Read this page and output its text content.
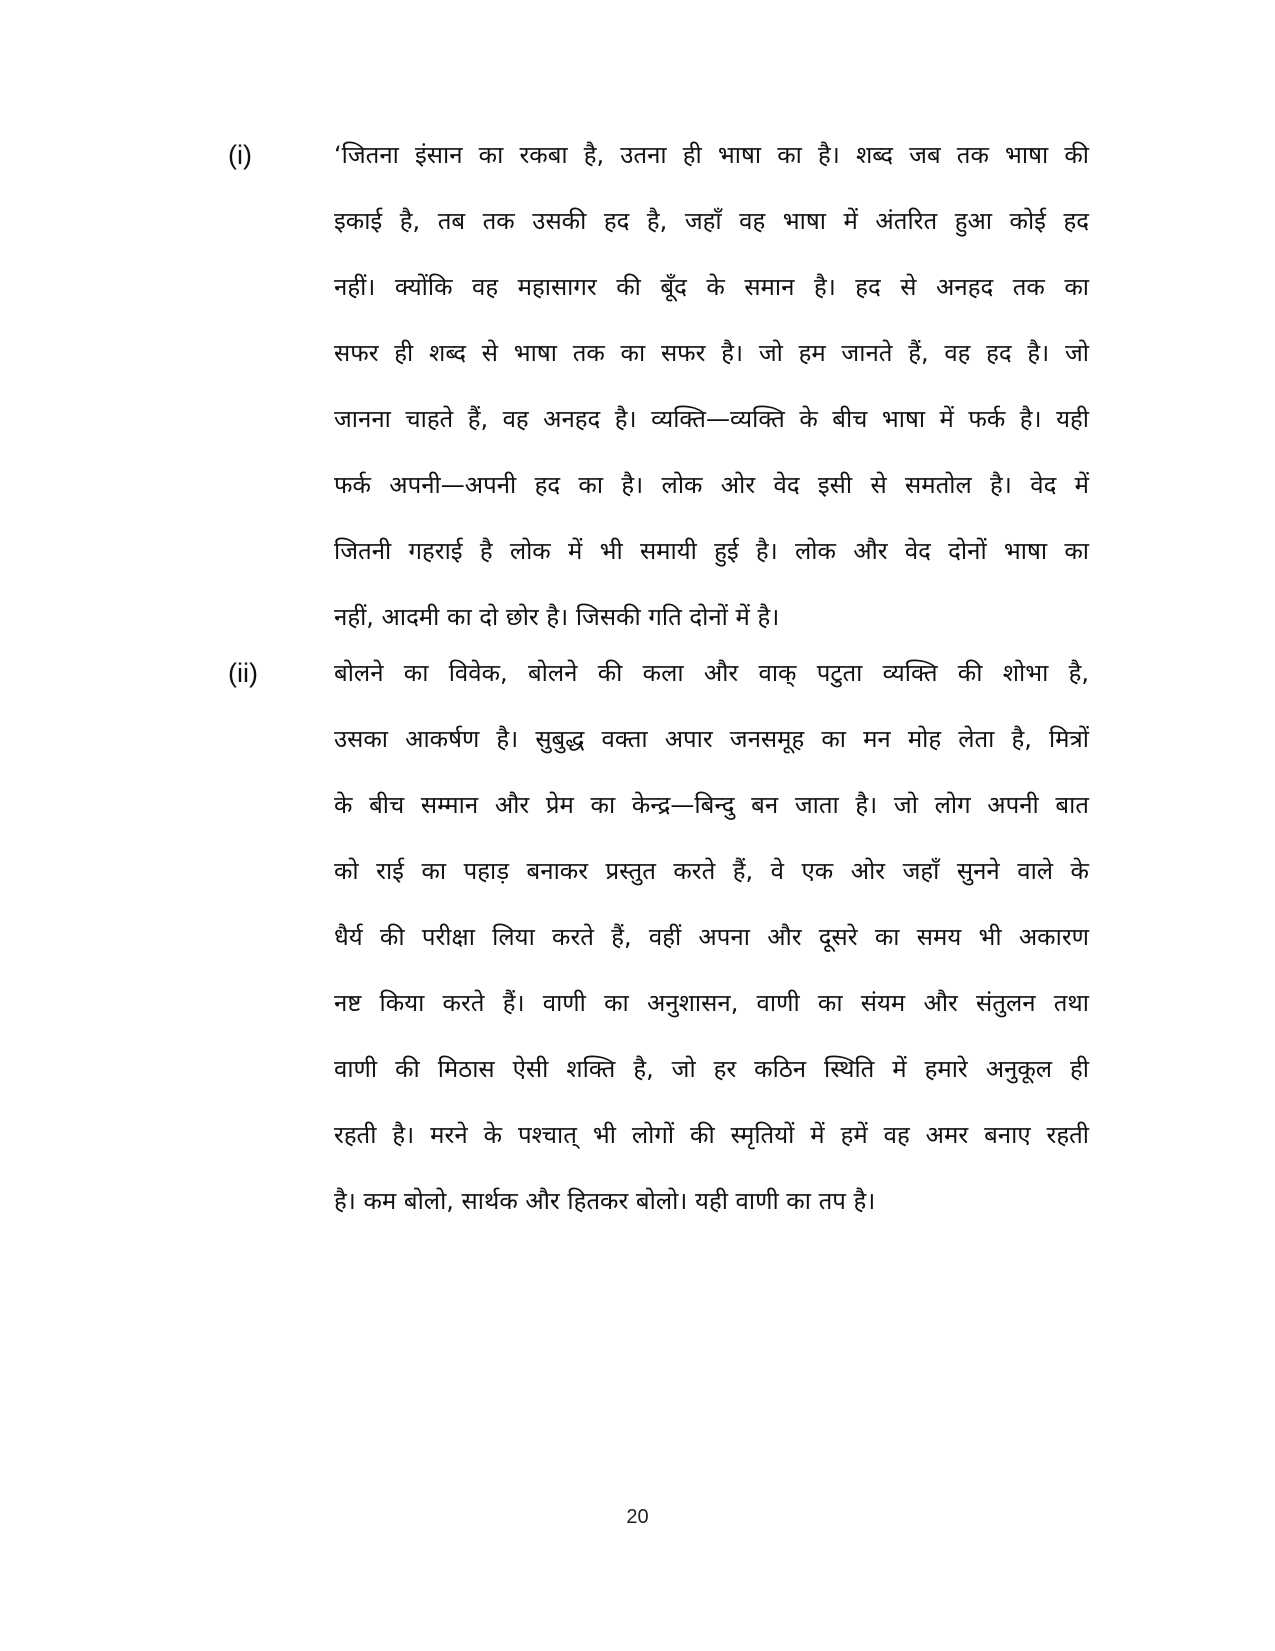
(i)	‘जितना इंसान का रकबा है, उतना ही भाषा का है। शब्द जब तक भाषा की
इकाई है, तब तक उसकी हद है, जहाँ वह भाषा में अंतरित हुआ कोई हद
नहीं। क्योंकि वह महासागर की बूँद के समान है। हद से अनहद तक का
सफर ही शब्द से भाषा तक का सफर है। जो हम जानते हैं, वह हद है। जो
जानना चाहते हैं, वह अनहद है। व्यक्ति—व्यक्ति के बीच भाषा में फर्क है। यही
फर्क अपनी—अपनी हद का है। लोक ओर वेद इसी से समतोल है। वेद में
जितनी गहराई है लोक में भी समायी हुई है। लोक और वेद दोनों भाषा का
नहीं, आदमी का दो छोर है। जिसकी गति दोनों में है।
(ii)	बोलने का विवेक, बोलने की कला और वाक् पटुता व्यक्ति की शोभा है,
उसका आकर्षण है। सुबुद्ध वक्ता अपार जनसमूह का मन मोह लेता है, मित्रों
के बीच सम्मान और प्रेम का केन्द्र—बिन्दु बन जाता है। जो लोग अपनी बात
को राई का पहाड़ बनाकर प्रस्तुत करते हैं, वे एक ओर जहाँ सुनने वाले के
धैर्य की परीक्षा लिया करते हैं, वहीं अपना और दूसरे का समय भी अकारण
नष्ट किया करते हैं। वाणी का अनुशासन, वाणी का संयम और संतुलन तथा
वाणी की मिठास ऐसी शक्ति है, जो हर कठिन स्थिति में हमारे अनुकूल ही
रहती है। मरने के पश्चात् भी लोगों की स्मृतियों में हमें वह अमर बनाए रहती
है। कम बोलो, सार्थक और हितकर बोलो। यही वाणी का तप है।
20
